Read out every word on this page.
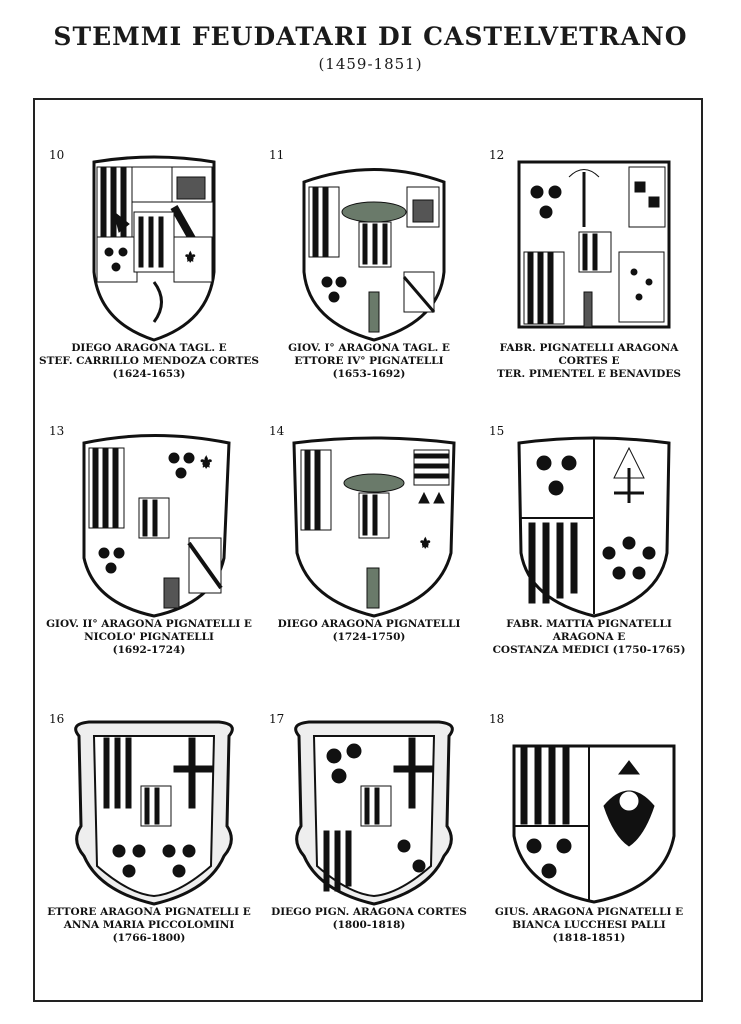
STEMMI FEUDATARI DI CASTELVETRANO
(1459-1851)
10
⚜
DIEGO ARAGONA TAGL. E
STEF. CARRILLO MENDOZA CORTES
(1624-1653)
11
GIOV. I° ARAGONA TAGL. E
ETTORE IV° PIGNATELLI
(1653-1692)
12
FABR. PIGNATELLI ARAGONA CORTES E
TER. PIMENTEL E BENAVIDES
13
⚜
GIOV. II° ARAGONA PIGNATELLI E
NICOLO' PIGNATELLI
(1692-1724)
14
⚜
DIEGO ARAGONA PIGNATELLI
(1724-1750)
15
FABR. MATTIA PIGNATELLI ARAGONA E
COSTANZA MEDICI (1750-1765)
16
ETTORE ARAGONA PIGNATELLI E
ANNA MARIA PICCOLOMINI
(1766-1800)
17
DIEGO PIGN. ARAGONA CORTES
(1800-1818)
18
GIUS. ARAGONA PIGNATELLI E
BIANCA LUCCHESI PALLI
(1818-1851)
